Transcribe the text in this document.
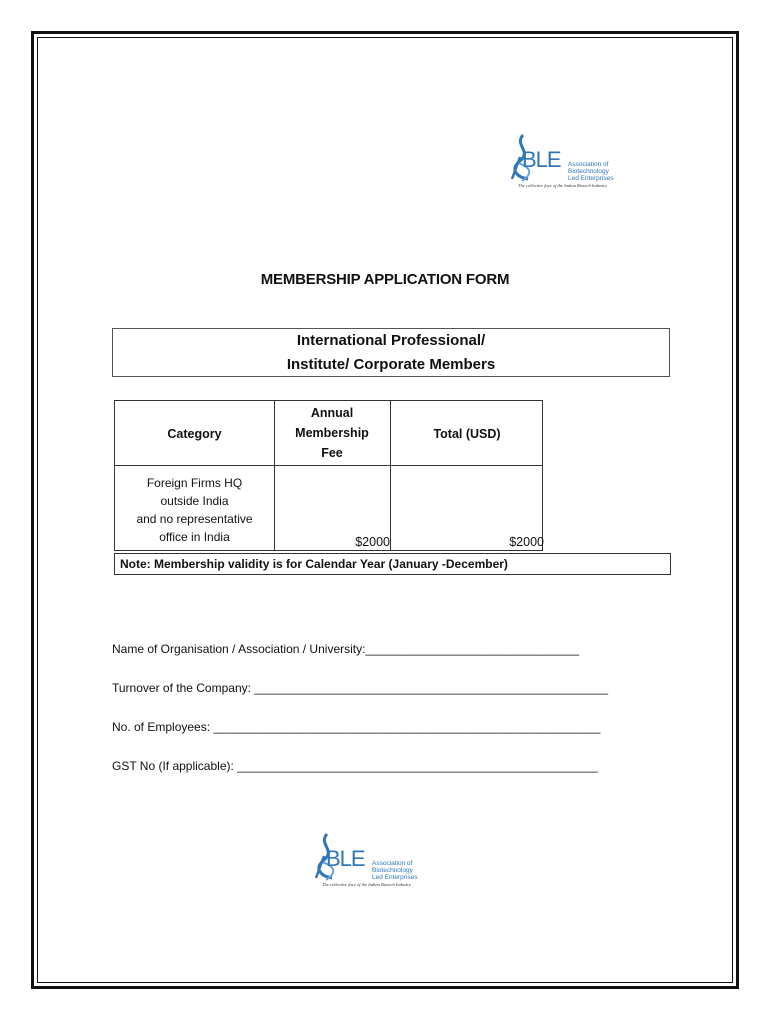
BLE Association of
Biotechnology
Led Enterprises
The collective face of the Indian Biotech Industry
MEMBERSHIP APPLICATION FORM
International Professional/
Institute/ Corporate Members
Category
Annual
Membership
Fee
Total (USD)
Foreign Firms HQ
outside India
and no representative
office in India	$2000	$2000
Note: Membership validity is for Calendar Year (January -December)
Name of Organisation / Association / University:________________________________
Turnover of the Company: _____________________________________________________
No. of Employees: __________________________________________________________
GST No (If applicable): ______________________________________________________
BLE Association of
Biotechnology
Led Enterprises
The collective face of the Indian Biotech Industry
